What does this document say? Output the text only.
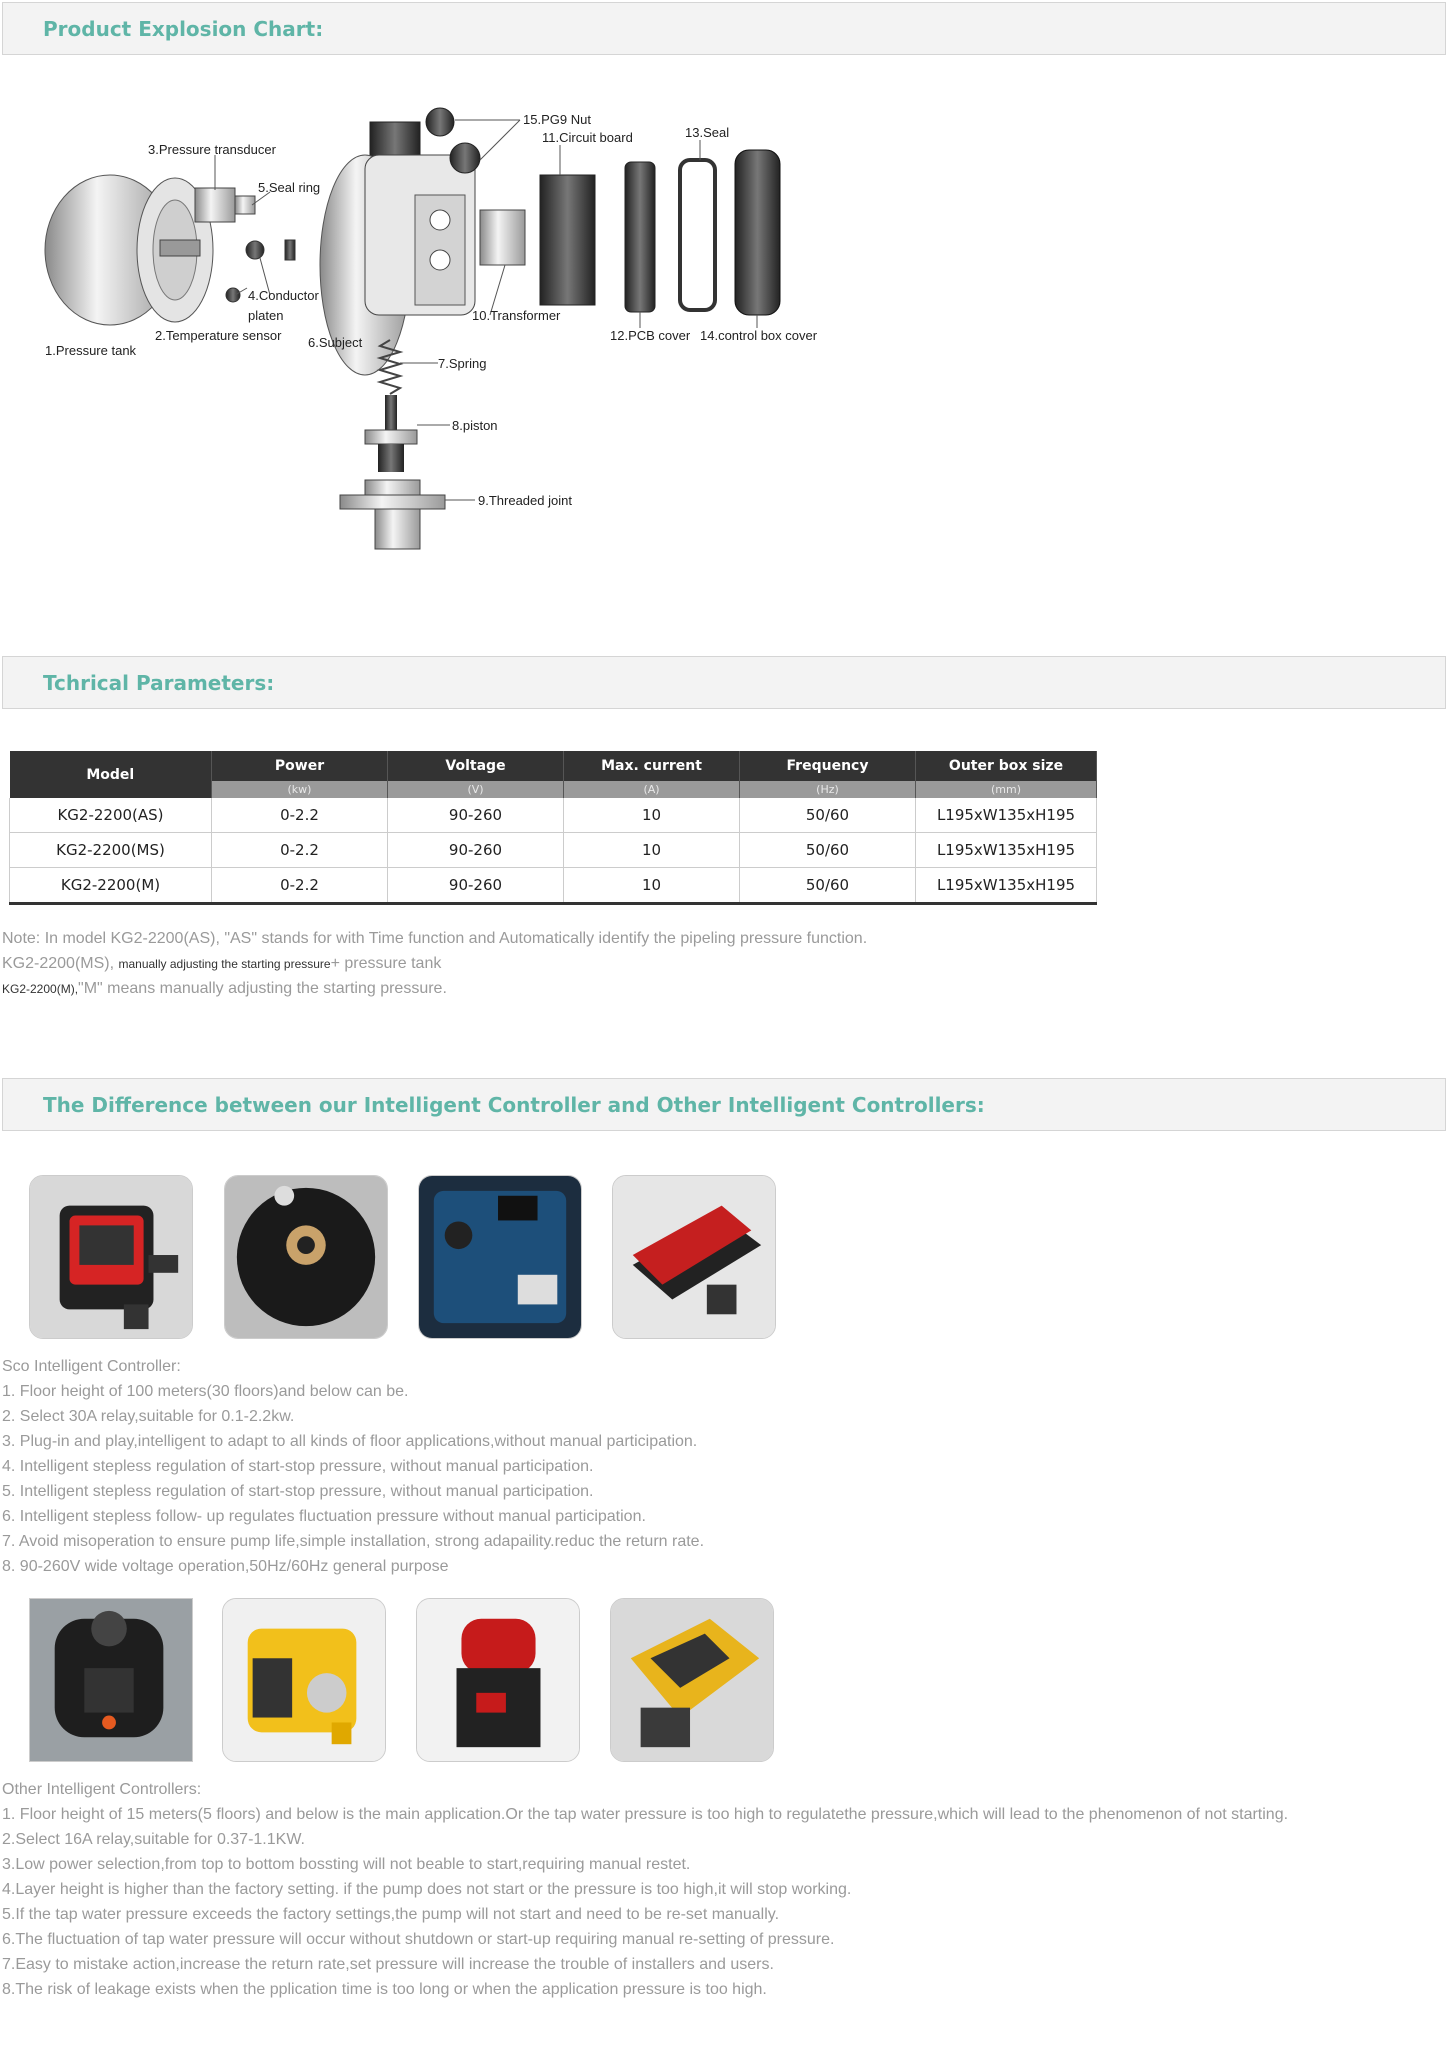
Product Explosion Chart:
1.Pressure tank
2.Temperature sensor
3.Pressure transducer
4.Conductor
platen
5.Seal ring
6.Subject
7.Spring
8.piston
9.Threaded joint
10.Transformer
11.Circuit board
12.PCB cover
13.Seal
14.control box cover
15.PG9 Nut
Tchrical Parameters:
Model	Power	Voltage	Max. current	Frequency	Outer box size
	(kw)	(V)	(A)	(Hz)	(mm)
KG2-2200(AS)	0-2.2	90-260	10	50/60	L195xW135xH195
KG2-2200(MS)	0-2.2	90-260	10	50/60	L195xW135xH195
KG2-2200(M)	0-2.2	90-260	10	50/60	L195xW135xH195
Note: In model KG2-2200(AS), "AS" stands for with Time function and Automatically identify the pipeling pressure function.
KG2-2200(MS), manually adjusting the starting pressure+ pressure tank
KG2-2200(M),"M" means manually adjusting the starting pressure.
The Difference between our Intelligent Controller and Other Intelligent Controllers:
Sco Intelligent Controller:
1. Floor height of 100 meters(30 floors)and below can be.
2. Select 30A relay,suitable for 0.1-2.2kw.
3. Plug-in and play,intelligent to adapt to all kinds of floor applications,without manual participation.
4. Intelligent stepless regulation of start-stop pressure, without manual participation.
5. Intelligent stepless regulation of start-stop pressure, without manual participation.
6. Intelligent stepless follow- up regulates fluctuation pressure without manual participation.
7. Avoid misoperation to ensure pump life,simple installation, strong adapaility.reduc the return rate.
8. 90-260V wide voltage operation,50Hz/60Hz general purpose
Other Intelligent Controllers:
1. Floor height of 15 meters(5 floors) and below is the main application.Or the tap water pressure is too high to regulatethe pressure,which will lead to the phenomenon of not starting.
2.Select 16A relay,suitable for 0.37-1.1KW.
3.Low power selection,from top to bottom bossting will not beable to start,requiring manual restet.
4.Layer height is higher than the factory setting. if the pump does not start or the pressure is too high,it will stop working.
5.If the tap water pressure exceeds the factory settings,the pump will not start and need to be re-set manually.
6.The fluctuation of tap water pressure will occur without shutdown or start-up requiring manual re-setting of pressure.
7.Easy to mistake action,increase the return rate,set pressure will increase the trouble of installers and users.
8.The risk of leakage exists when the pplication time is too long or when the application pressure is too high.
